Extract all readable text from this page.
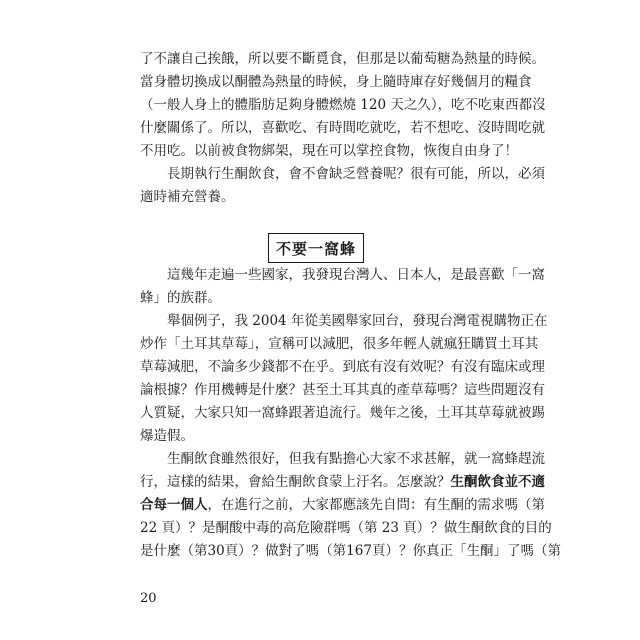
了不讓自己挨餓，所以要不斷覓食，但那是以葡萄糖為熱量的時候。
當身體切換成以酮體為熱量的時候，身上隨時庫存好幾個月的糧食
（一般人身上的體脂肪足夠身體燃燒 120 天之久），吃不吃東西都沒
什麼關係了。所以，喜歡吃、有時間吃就吃，若不想吃、沒時間吃就
不用吃。以前被食物綁架，現在可以掌控食物，恢復自由身了！
長期執行生酮飲食，會不會缺乏營養呢？很有可能，所以，必須
適時補充營養。
不要一窩蜂
這幾年走遍一些國家，我發現台灣人、日本人，是最喜歡「一窩
蜂」的族群。
舉個例子，我 2004 年從美國舉家回台，發現台灣電視購物正在
炒作「土耳其草莓」，宣稱可以減肥，很多年輕人就瘋狂購買土耳其
草莓減肥，不論多少錢都不在乎。到底有沒有效呢？有沒有臨床或理
論根據？作用機轉是什麼？甚至土耳其真的產草莓嗎？這些問題沒有
人質疑，大家只知一窩蜂跟著追流行。幾年之後，土耳其草莓就被踢
爆造假。
生酮飲食雖然很好，但我有點擔心大家不求甚解，就一窩蜂趕流
行，這樣的結果，會給生酮飲食蒙上汙名。怎麼說？生酮飲食並不適
合每一個人，在進行之前，大家都應該先自問：有生酮的需求嗎（第
22 頁）？是酮酸中毒的高危險群嗎（第 23 頁）？做生酮飲食的目的
是什麼（第30頁）？做對了嗎（第167頁）？你真正「生酮」了嗎（第
20
